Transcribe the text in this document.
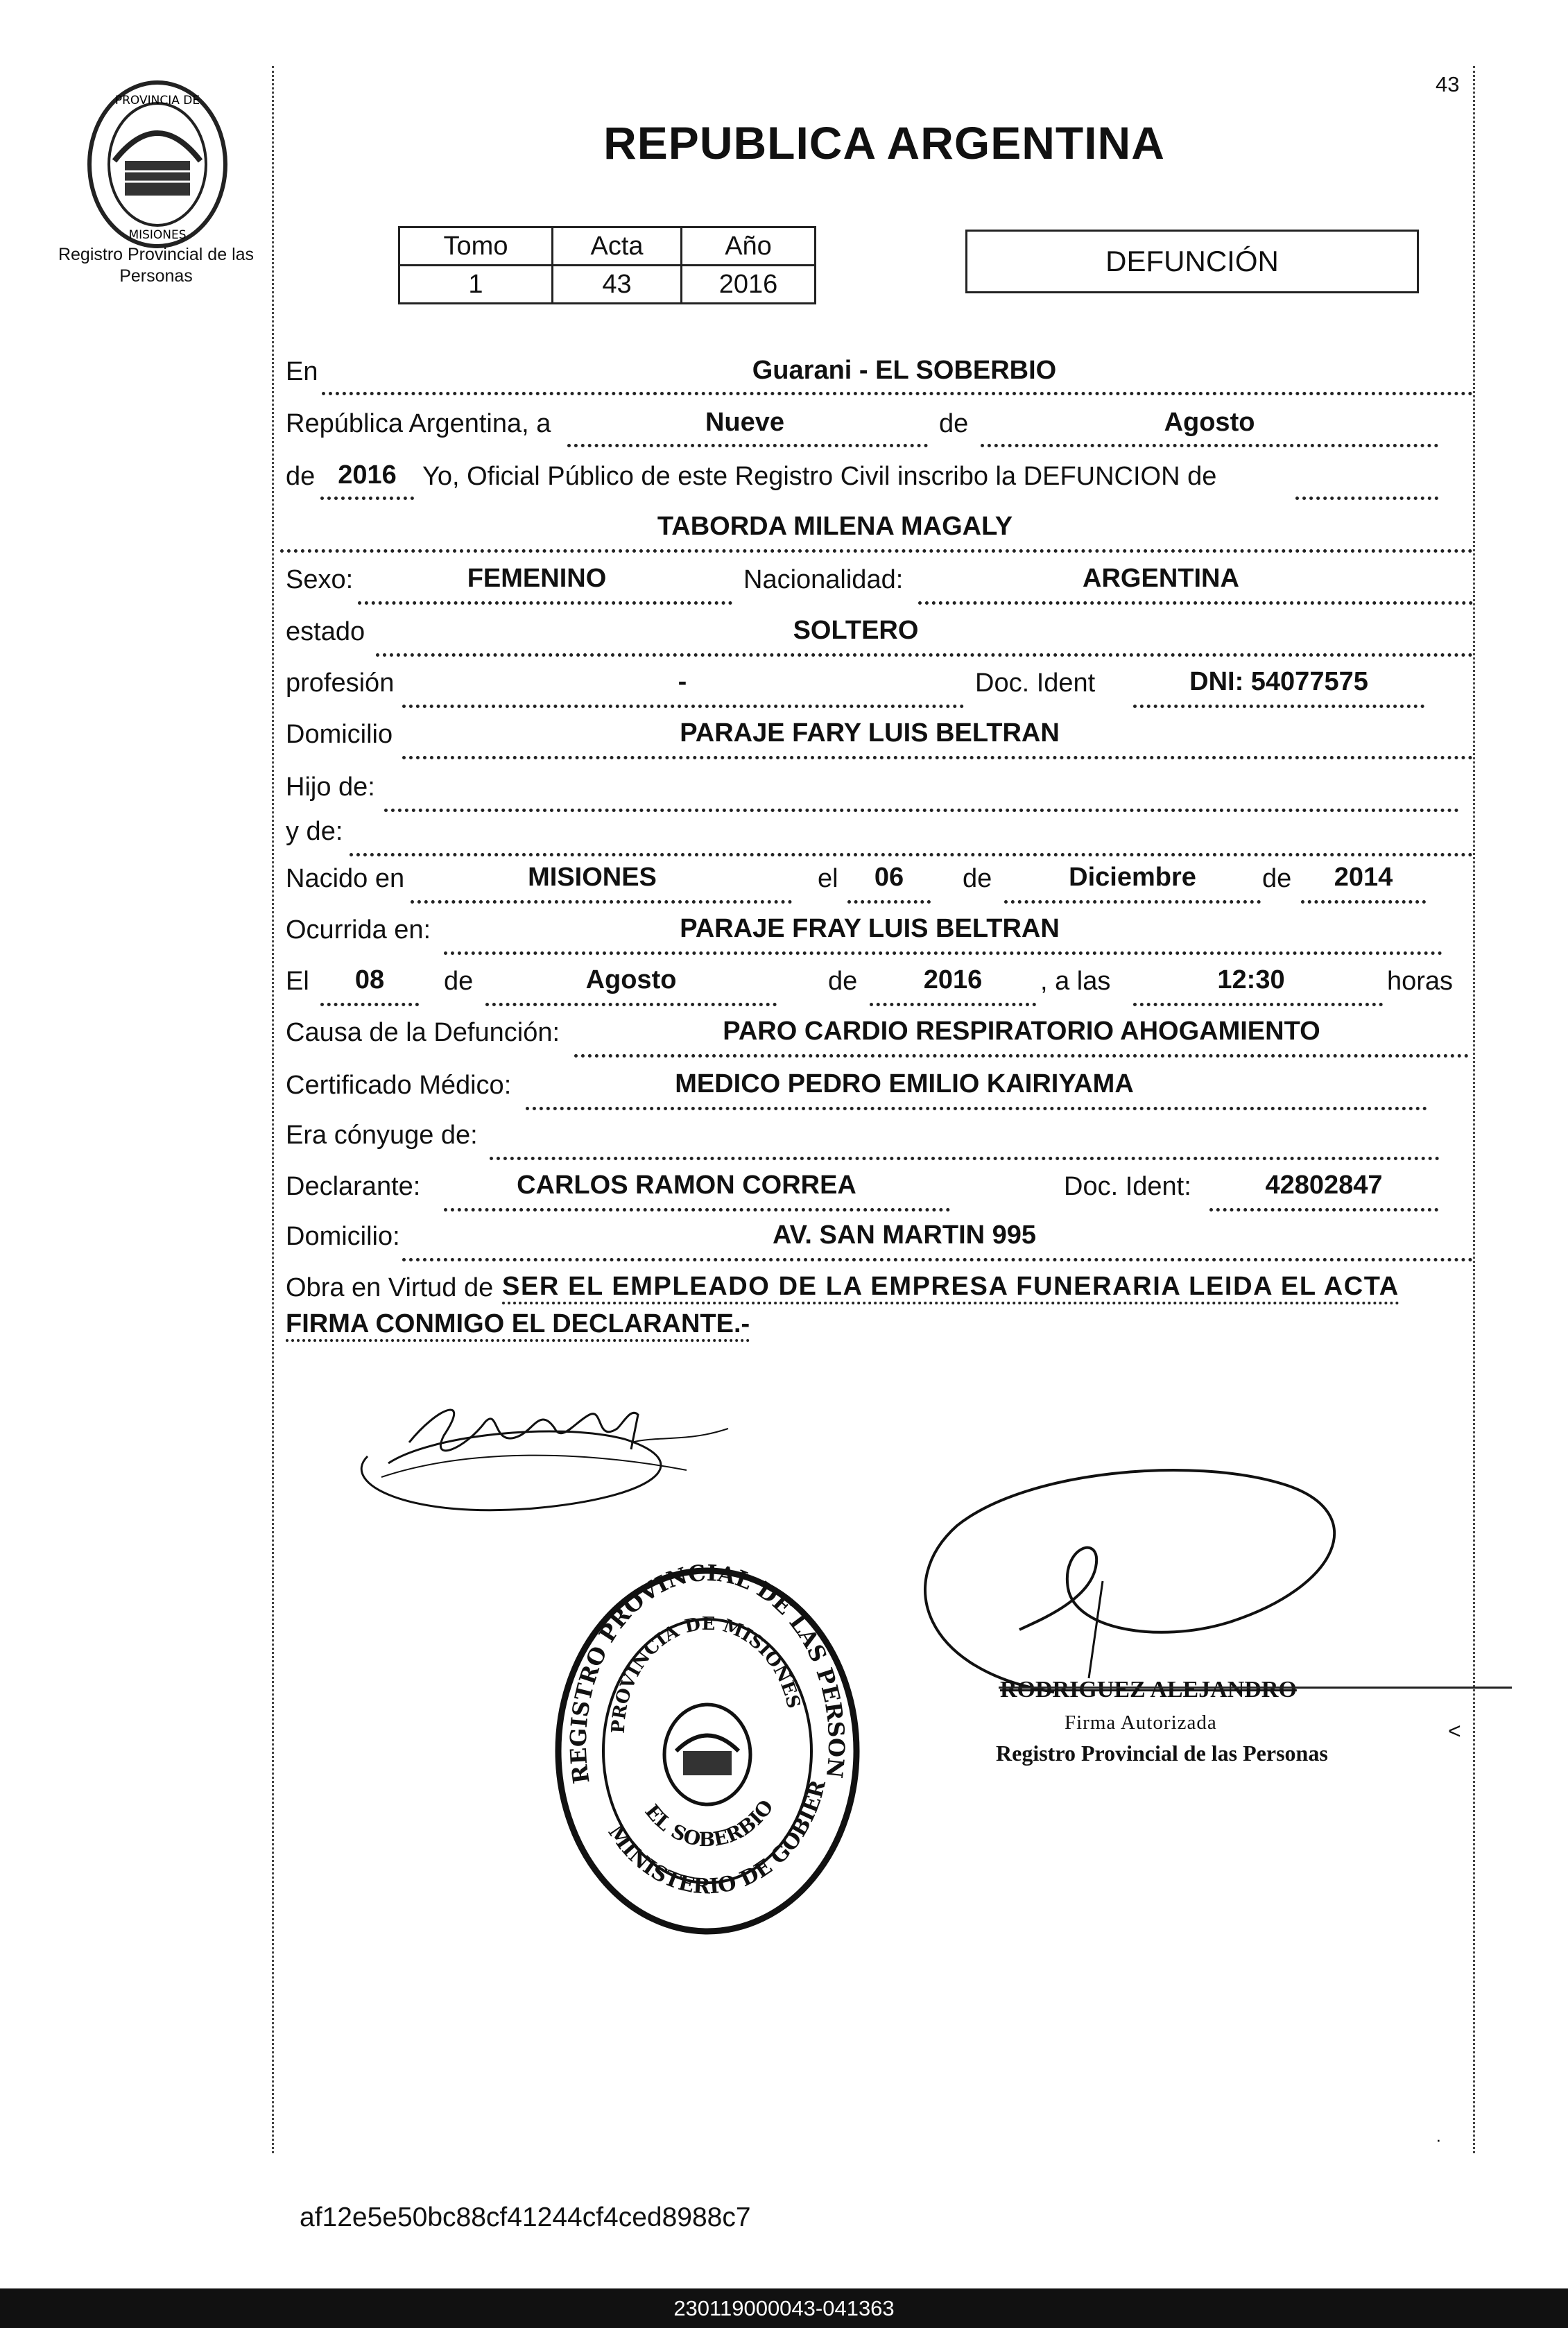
PROVINCIA DE
MISIONES
Registro Provincial de las Personas
43
REPUBLICA ARGENTINA
Tomo	Acta	Año
1	43	2016
DEFUNCIÓN
En	Guarani - EL SOBERBIO
República Argentina, a	Nueve	de	Agosto
de 2016 Yo, Oficial Público de este Registro Civil inscribo la DEFUNCION de
TABORDA MILENA MAGALY
Sexo:	FEMENINO	Nacionalidad:	ARGENTINA
estado	SOLTERO
profesión	-	Doc. Ident	DNI: 54077575
Domicilio	PARAJE FARY LUIS BELTRAN
Hijo de:
y de:
Nacido en	MISIONES	el	06	de	Diciembre	de	2014
Ocurrida en:	PARAJE FRAY LUIS BELTRAN
El	08	de	Agosto	de	2016	, a las	12:30	horas
Causa de la Defunción:	PARO CARDIO RESPIRATORIO AHOGAMIENTO
Certificado Médico:	MEDICO PEDRO EMILIO KAIRIYAMA
Era cónyuge de:
Declarante:	CARLOS RAMON CORREA	Doc. Ident:	42802847
Domicilio:	AV. SAN MARTIN 995
Obra en Virtud de SER EL EMPLEADO DE LA EMPRESA FUNERARIA LEIDA EL ACTA
FIRMA CONMIGO EL DECLARANTE.-
RODRIGUEZ ALEJANDRO
Firma Autorizada
Registro Provincial de las Personas
<
REGISTRO PROVINCIAL DE LAS PERSON
PROVINCIA DE MISIONES
MINISTERIO DE GOBIER
EL SOBERBIO
·
af12e5e50bc88cf41244cf4ced8988c7
230119000043-041363
